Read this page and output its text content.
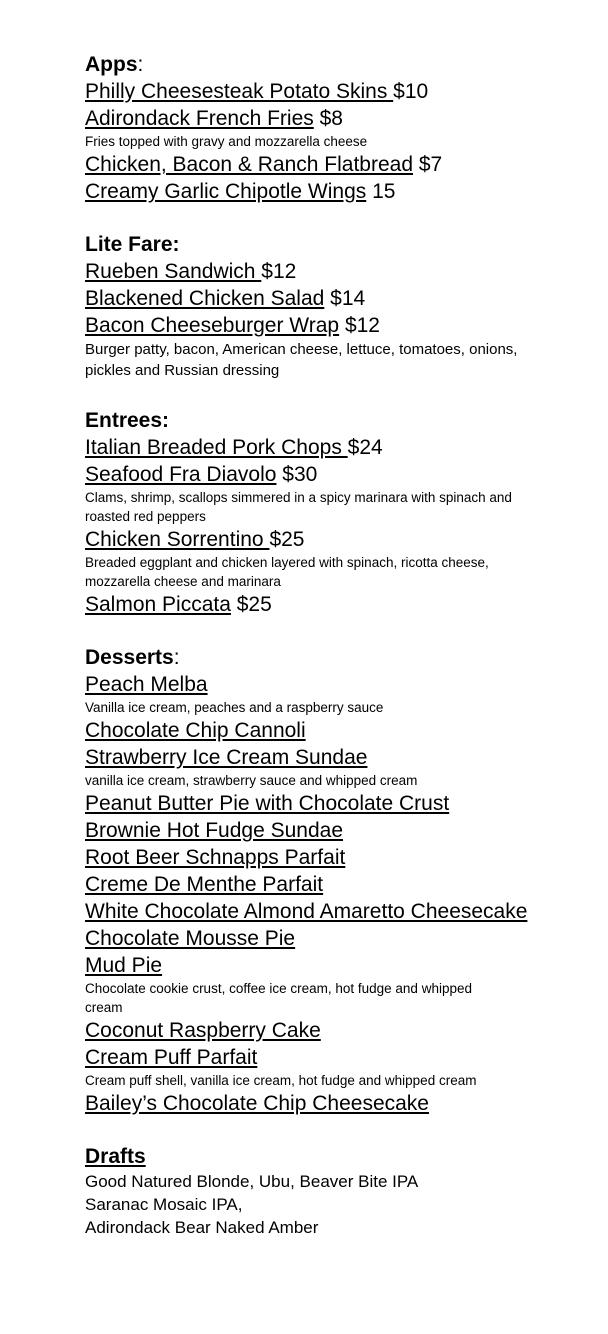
Apps:
Philly Cheesesteak Potato Skins $10
Adirondack French Fries $8
Fries topped with gravy and mozzarella cheese
Chicken, Bacon & Ranch Flatbread $7
Creamy Garlic Chipotle Wings 15
Lite Fare:
Rueben Sandwich $12
Blackened Chicken Salad $14
Bacon Cheeseburger Wrap $12
Burger patty, bacon, American cheese, lettuce, tomatoes, onions, pickles and Russian dressing
Entrees:
Italian Breaded Pork Chops $24
Seafood Fra Diavolo $30
Clams, shrimp, scallops simmered in a spicy marinara with spinach and roasted red peppers
Chicken Sorrentino $25
Breaded eggplant and chicken layered with spinach, ricotta cheese, mozzarella cheese and marinara
Salmon Piccata $25
Desserts:
Peach Melba
Vanilla ice cream, peaches and a raspberry sauce
Chocolate Chip Cannoli
Strawberry Ice Cream Sundae
vanilla ice cream, strawberry sauce and whipped cream
Peanut Butter Pie with Chocolate Crust
Brownie Hot Fudge Sundae
Root Beer Schnapps Parfait
Creme De Menthe Parfait
White Chocolate Almond Amaretto Cheesecake
Chocolate Mousse Pie
Mud Pie
Chocolate cookie crust, coffee ice cream, hot fudge and whipped cream
Coconut Raspberry Cake
Cream Puff Parfait
Cream puff shell, vanilla ice cream, hot fudge and whipped cream
Bailey’s Chocolate Chip Cheesecake
Drafts
Good Natured Blonde, Ubu, Beaver Bite IPA
Saranac Mosaic IPA,
Adirondack Bear Naked Amber
